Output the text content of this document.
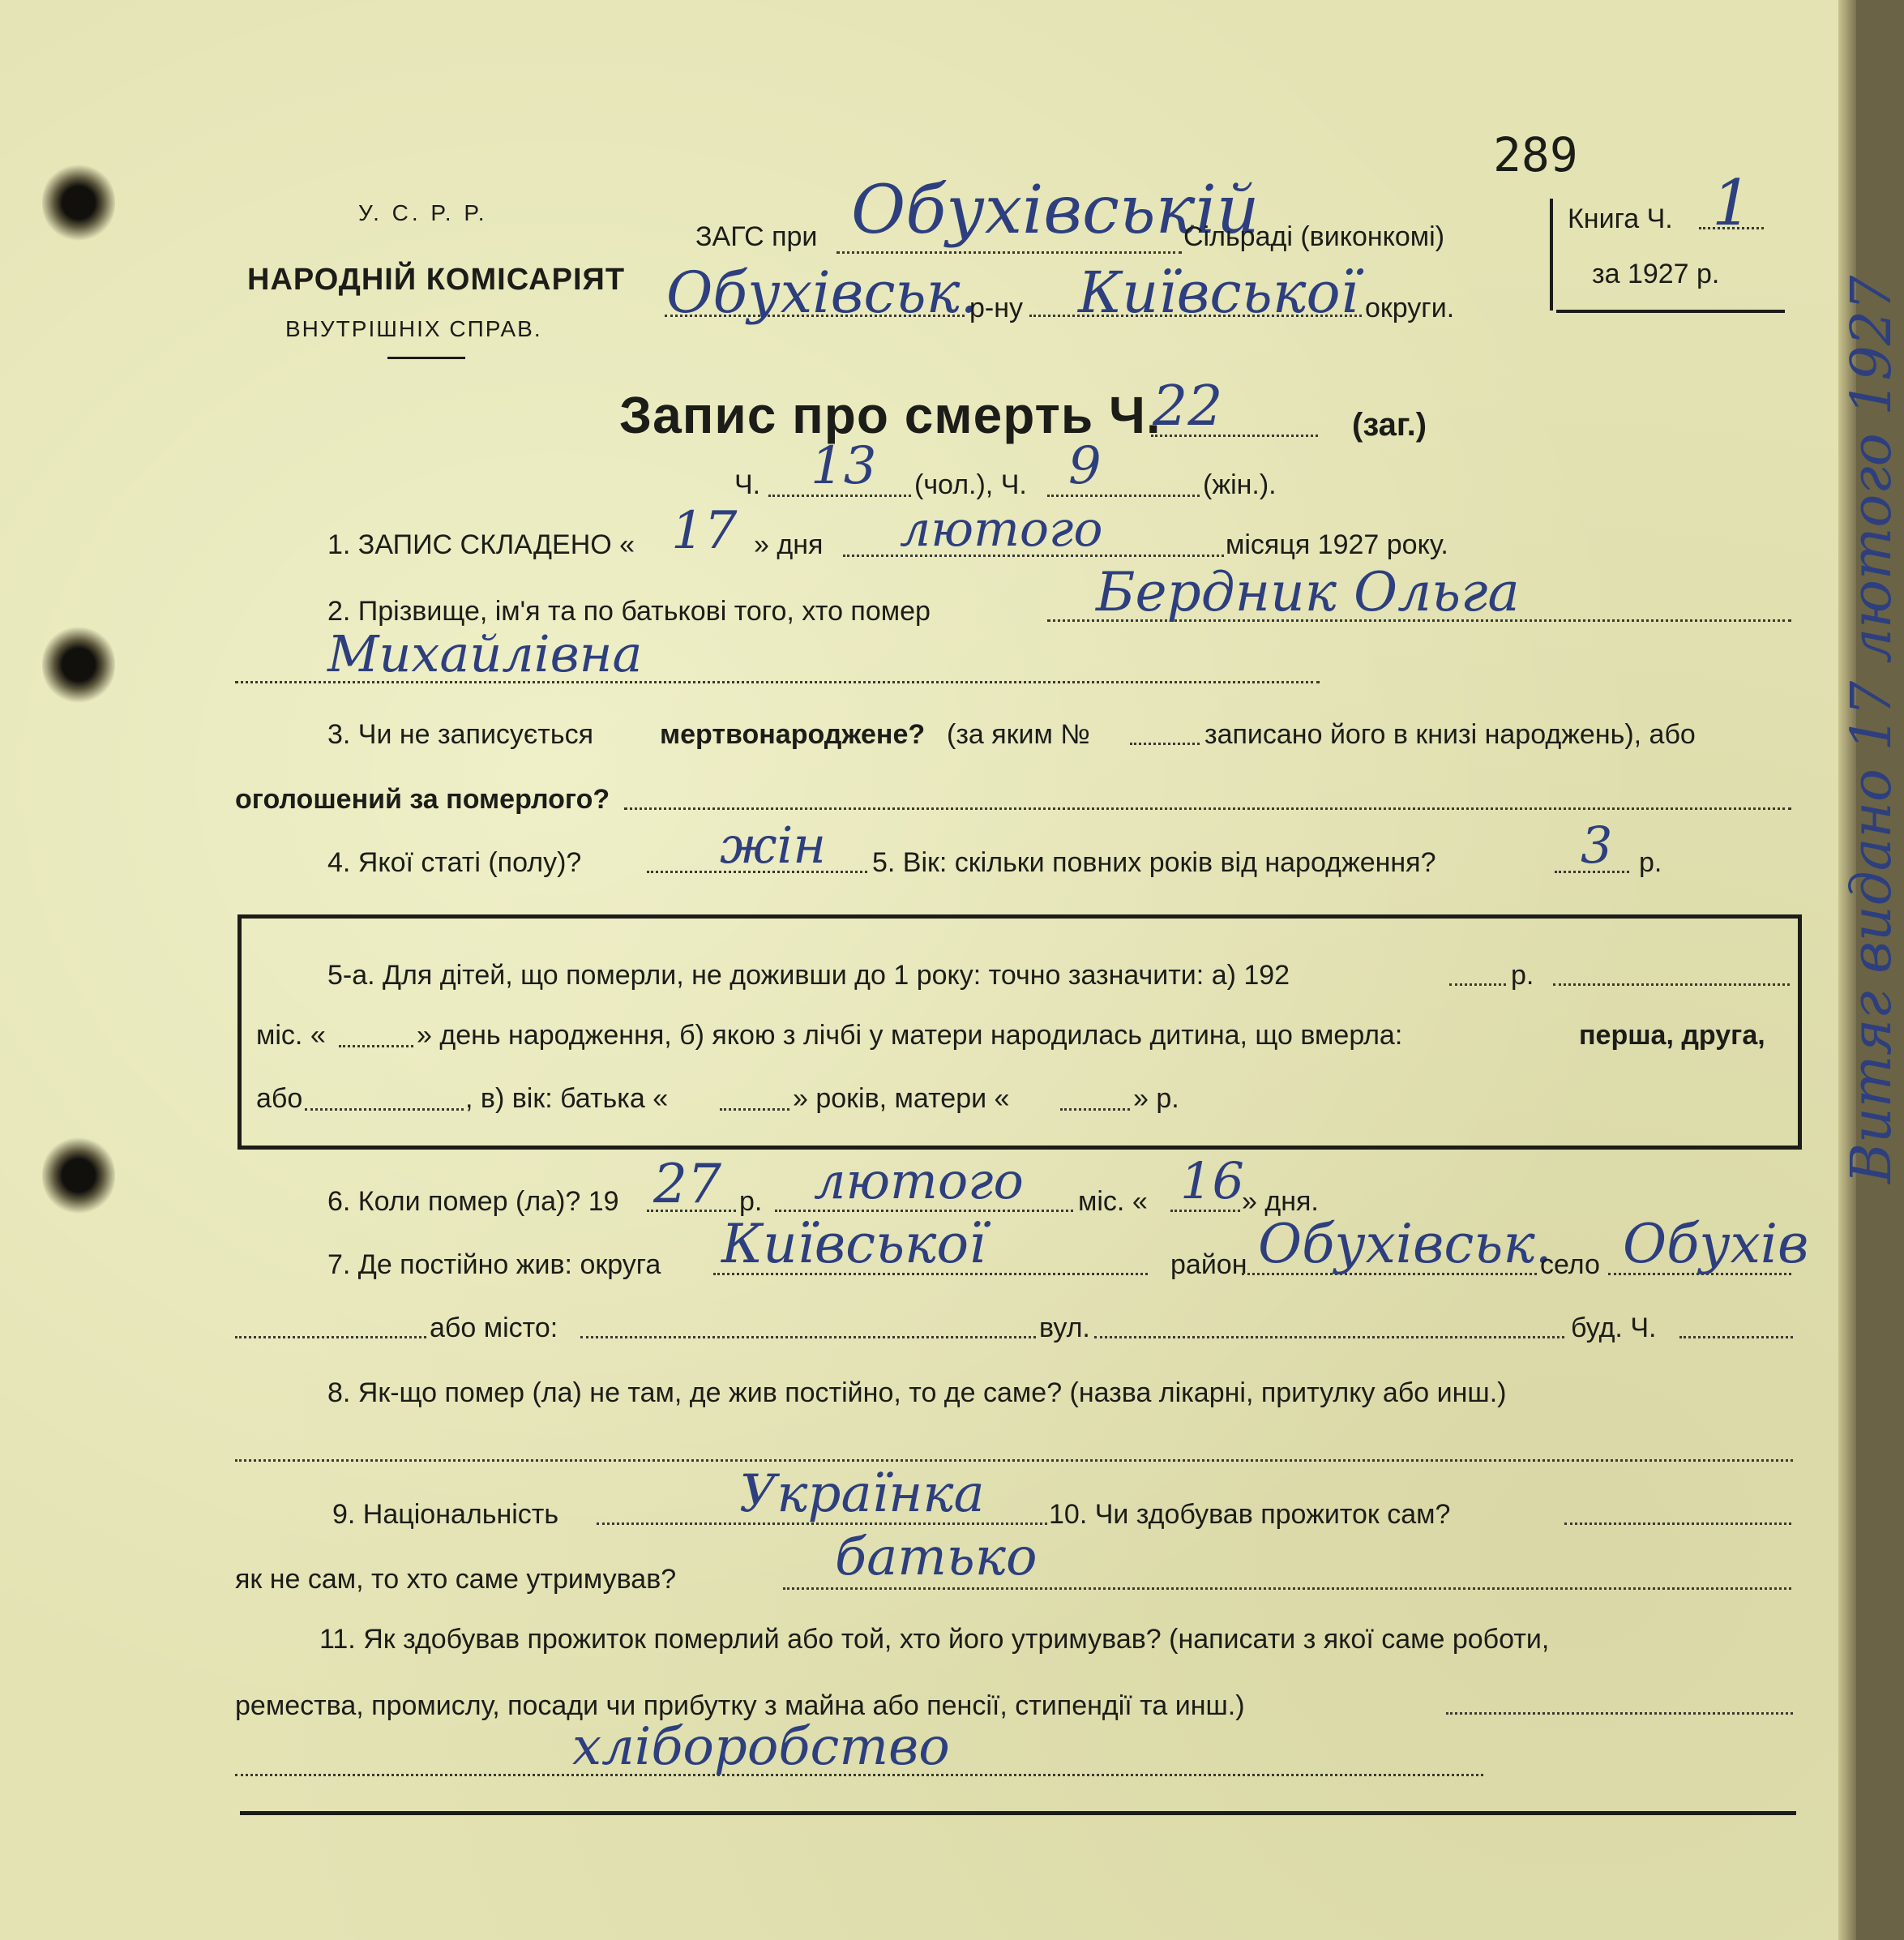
289
У. С. Р. Р.
НАРОДНІЙ КОМІСАРІЯТ
ВНУТРІШНІХ СПРАВ.
ЗАГС при Обухівській
Сільраді (виконкомі)
Обухівськ.
р-ну Київської округи.
Книга Ч. 1
за 1927 р.
Запис про смерть Ч.
22	(заг.)
Ч. 13 (чол.), Ч. 9	(жін.).
1. ЗАПИС СКЛАДЕНО « 17 » дня лютого	місяця 1927 року.
2. Прізвище, ім'я та по батькові того, хто помер	Бердник Ольга
Михайлівна
3. Чи не записується мертвонароджене? (за яким №	записано його в книзі народжень), або
оголошений за померлого?
4. Якої статі (полу)?	жін 5. Вік: скільки повних років від народження?	3 р.
5-а. Для дітей, що померли, не доживши до 1 року: точно зазначити: а) 192	р.
міс. «	» день народження, б) якою з лічбі у матери народилась дитина, що вмерла:	перша, друга,
або	, в) вік: батька «	» років, матери «	» р.
6. Коли помер (ла)? 19 27 р. лютого міс. « 16
» дня.
7. Де постійно жив: округа Київської	район Обухівськ.
село Обухів
або місто:	вул.	буд. Ч.
8. Як-що помер (ла) не там, де жив постійно, то де саме? (назва лікарні, притулку або инш.)
9. Національність	Українка 10. Чи здобував прожиток сам?
як не сам, то хто саме утримував?	батько
11. Як здобував прожиток померлий або той, хто його утримував? (написати з якої саме роботи,
ремества, промислу, посади чи прибутку з майна або пенсії, стипендії та инш.)
хліборобство
Витяг видано 17 лютого 1927
